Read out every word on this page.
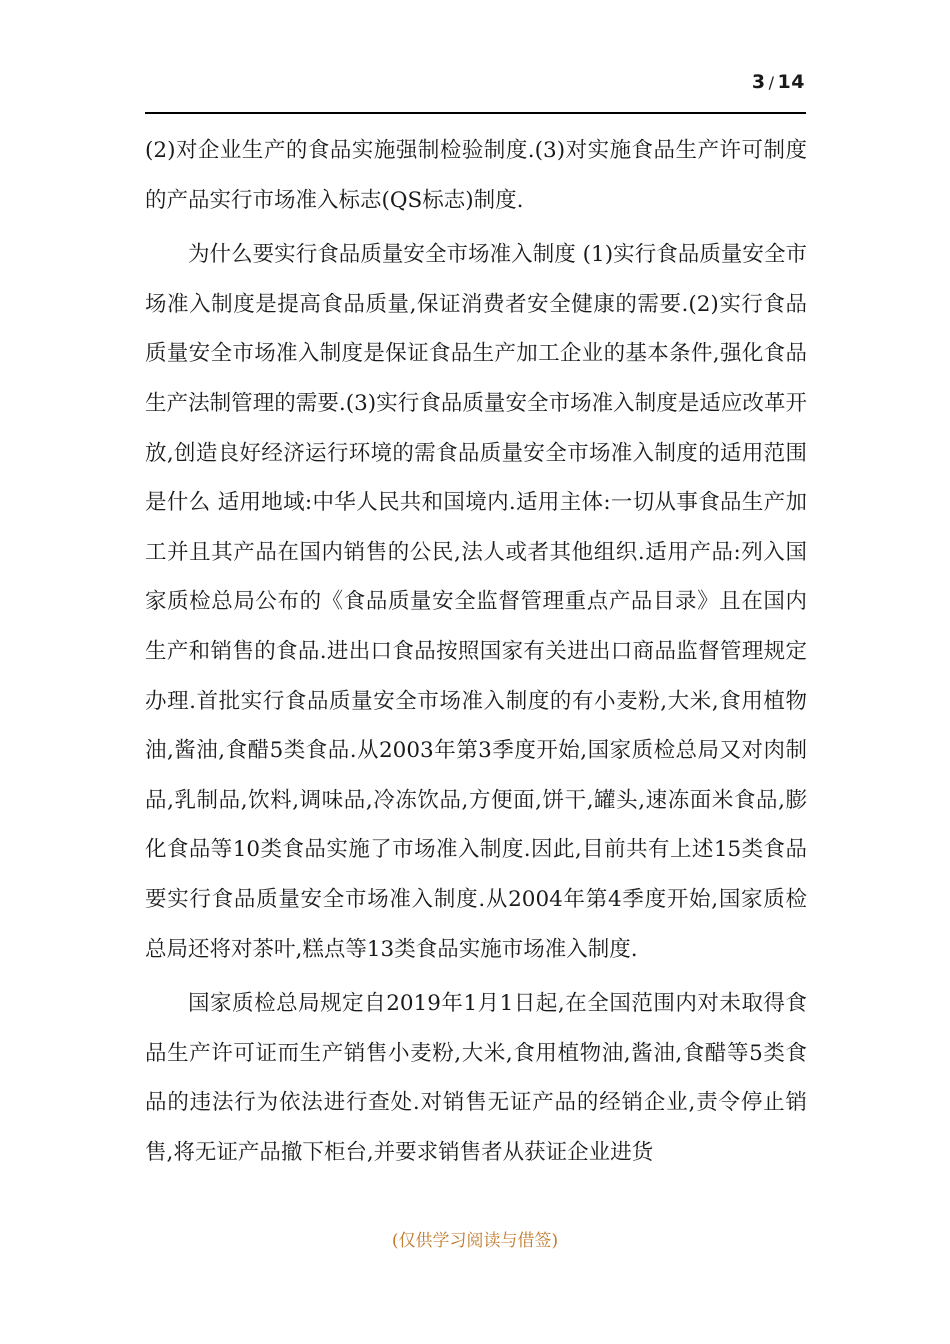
3 / 14

(2)对企业生产的食品实施强制检验制度.(3)对实施食品生产许可制度的产品实行市场准入标志(QS标志)制度.

为什么要实行食品质量安全市场准入制度 (1)实行食品质量安全市场准入制度是提高食品质量,保证消费者安全健康的需要.(2)实行食品质量安全市场准入制度是保证食品生产加工企业的基本条件,强化食品生产法制管理的需要.(3)实行食品质量安全市场准入制度是适应改革开放,创造良好经济运行环境的需食品质量安全市场准入制度的适用范围是什么 适用地域:中华人民共和国境内.适用主体:一切从事食品生产加工并且其产品在国内销售的公民,法人或者其他组织.适用产品:列入国家质检总局公布的《食品质量安全监督管理重点产品目录》且在国内生产和销售的食品.进出口食品按照国家有关进出口商品监督管理规定办理.首批实行食品质量安全市场准入制度的有小麦粉,大米,食用植物油,酱油,食醋5类食品.从2003年第3季度开始,国家质检总局又对肉制品,乳制品,饮料,调味品,冷冻饮品,方便面,饼干,罐头,速冻面米食品,膨化食品等10类食品实施了市场准入制度.因此,目前共有上述15类食品要实行食品质量安全市场准入制度.从2004年第4季度开始,国家质检总局还将对茶叶,糕点等13类食品实施市场准入制度.

国家质检总局规定自2019年1月1日起,在全国范围内对未取得食品生产许可证而生产销售小麦粉,大米,食用植物油,酱油,食醋等5类食品的违法行为依法进行查处.对销售无证产品的经销企业,责令停止销售,将无证产品撤下柜台,并要求销售者从获证企业进货

(仅供学习阅读与借签)
